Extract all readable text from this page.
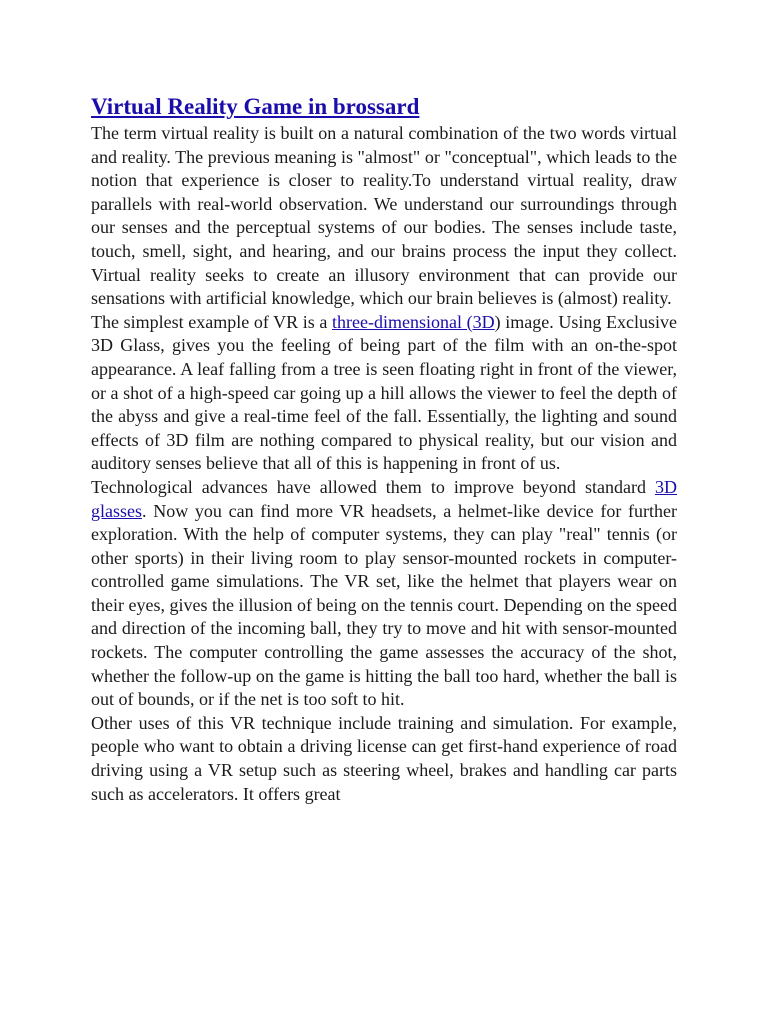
Virtual Reality Game in brossard

The term virtual reality is built on a natural combination of the two words virtual and reality. The previous meaning is "almost" or "conceptual", which leads to the notion that experience is closer to reality.To understand virtual reality, draw parallels with real-world observation. We understand our surroundings through our senses and the perceptual systems of our bodies. The senses include taste, touch, smell, sight, and hearing, and our brains process the input they collect. Virtual reality seeks to create an illusory environment that can provide our sensations with artificial knowledge, which our brain believes is (almost) reality.

The simplest example of VR is a three-dimensional (3D) image. Using Exclusive 3D Glass, gives you the feeling of being part of the film with an on-the-spot appearance. A leaf falling from a tree is seen floating right in front of the viewer, or a shot of a high-speed car going up a hill allows the viewer to feel the depth of the abyss and give a real-time feel of the fall. Essentially, the lighting and sound effects of 3D film are nothing compared to physical reality, but our vision and auditory senses believe that all of this is happening in front of us.

Technological advances have allowed them to improve beyond standard 3D glasses. Now you can find more VR headsets, a helmet-like device for further exploration. With the help of computer systems, they can play "real" tennis (or other sports) in their living room to play sensor-mounted rockets in computer-controlled game simulations. The VR set, like the helmet that players wear on their eyes, gives the illusion of being on the tennis court. Depending on the speed and direction of the incoming ball, they try to move and hit with sensor-mounted rockets. The computer controlling the game assesses the accuracy of the shot, whether the follow-up on the game is hitting the ball too hard, whether the ball is out of bounds, or if the net is too soft to hit.

Other uses of this VR technique include training and simulation. For example, people who want to obtain a driving license can get first-hand experience of road driving using a VR setup such as steering wheel, brakes and handling car parts such as accelerators. It offers great
